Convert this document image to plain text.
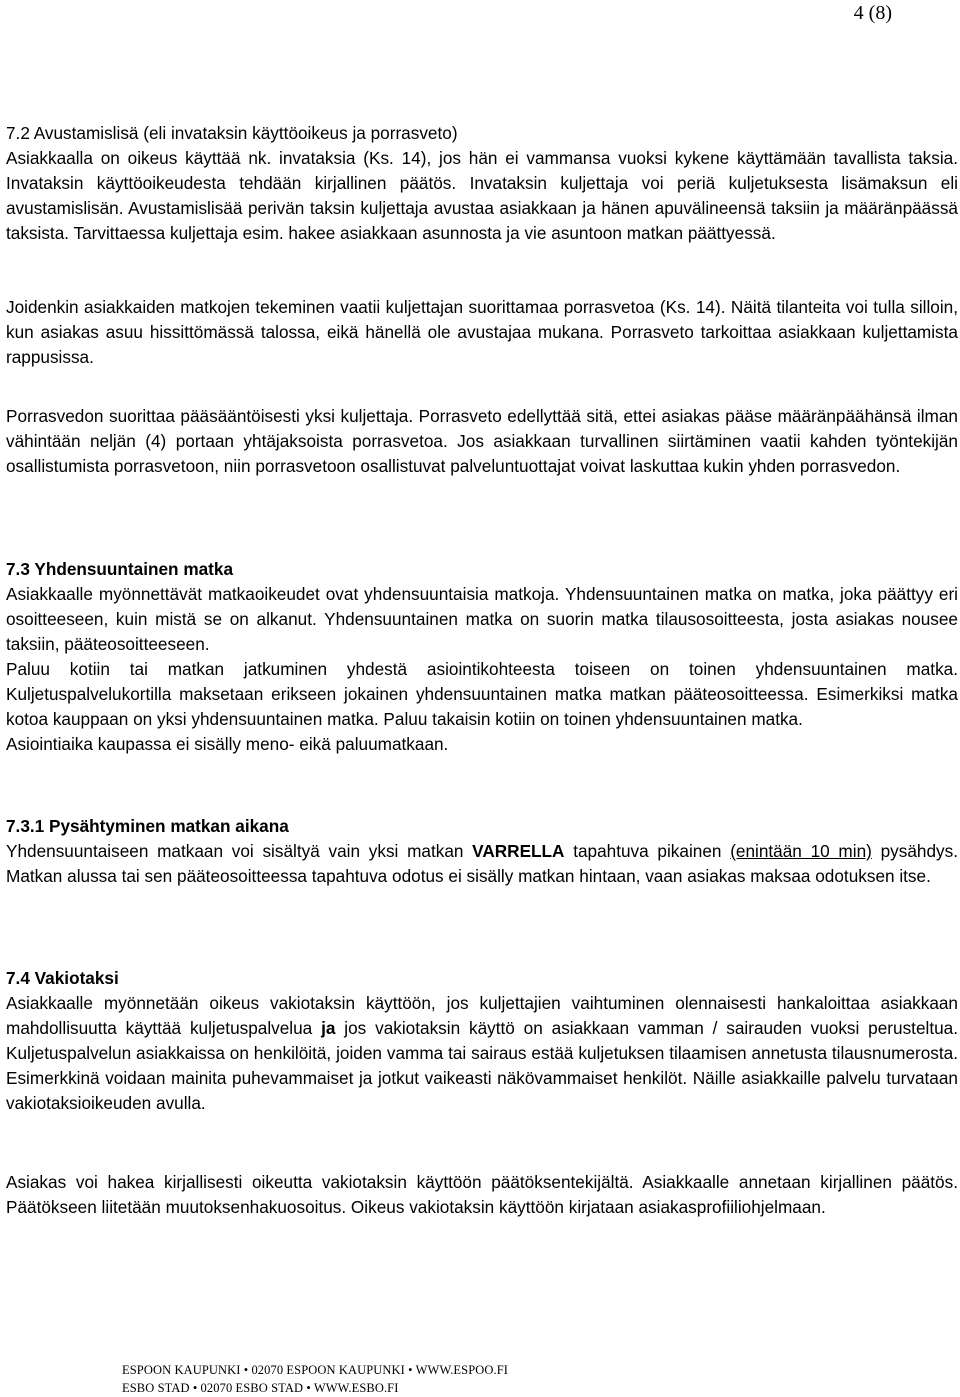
4 (8)
7.2 Avustamislisä (eli invataksin käyttöoikeus ja porrasveto)

Asiakkaalla on oikeus käyttää nk. invataksia (Ks. 14), jos hän ei vammansa vuoksi kykene käyttämään tavallista taksia. Invataksin käyttöoikeudesta tehdään kirjallinen päätös. Invataksin kuljettaja voi periä kuljetuksesta lisämaksun eli avustamislisän. Avustamislisää perivän taksin kuljettaja avustaa asiakkaan ja hänen apuvälineensä taksiin ja määränpäässä taksista. Tarvittaessa kuljettaja esim. hakee asiakkaan asunnosta ja vie asuntoon matkan päättyessä.

Joidenkin asiakkaiden matkojen tekeminen vaatii kuljettajan suorittamaa porrasvetoa (Ks. 14). Näitä tilanteita voi tulla silloin, kun asiakas asuu hissittömässä talossa, eikä hänellä ole avustajaa mukana. Porrasveto tarkoittaa asiakkaan kuljettamista rappusissa.

Porrasvedon suorittaa pääsääntöisesti yksi kuljettaja. Porrasveto edellyttää sitä, ettei asiakas pääse määränpäähänsä ilman vähintään neljän (4) portaan yhtäjaksoista porrasvetoa. Jos asiakkaan turvallinen siirtäminen vaatii kahden työntekijän osallistumista porrasvetoon, niin porrasvetoon osallistuvat palveluntuottajat voivat laskuttaa kukin yhden porrasvedon.

7.3 Yhdensuuntainen matka

Asiakkaalle myönnettävät matkaoikeudet ovat yhdensuuntaisia matkoja. Yhdensuuntainen matka on matka, joka päättyy eri osoitteeseen, kuin mistä se on alkanut. Yhdensuuntainen matka on suorin matka tilausosoitteesta, josta asiakas nousee taksiin, pääteosoitteeseen.

Paluu kotiin tai matkan jatkuminen yhdestä asiointikohteesta toiseen on toinen yhdensuuntainen matka. Kuljetuspalvelukortilla maksetaan erikseen jokainen yhdensuuntainen matka matkan pääteosoitteessa. Esimerkiksi matka kotoa kauppaan on yksi yhdensuuntainen matka. Paluu takaisin kotiin on toinen yhdensuuntainen matka.

Asiointiaika kaupassa ei sisälly meno- eikä paluumatkaan.

7.3.1 Pysähtyminen matkan aikana

Yhdensuuntaiseen matkaan voi sisältyä vain yksi matkan VARRELLA tapahtuva pikainen (enintään 10 min) pysähdys. Matkan alussa tai sen pääteosoitteessa tapahtuva odotus ei sisälly matkan hintaan, vaan asiakas maksaa odotuksen itse.

7.4 Vakiotaksi

Asiakkaalle myönnetään oikeus vakiotaksin käyttöön, jos kuljettajien vaihtuminen olennaisesti hankaloittaa asiakkaan mahdollisuutta käyttää kuljetuspalvelua ja jos vakiotaksin käyttö on asiakkaan vamman / sairauden vuoksi perusteltua. Kuljetuspalvelun asiakkaissa on henkilöitä, joiden vamma tai sairaus estää kuljetuksen tilaamisen annetusta tilausnumerosta. Esimerkkinä voidaan mainita puhevammaiset ja jotkut vaikeasti näkövammaiset henkilöt. Näille asiakkaille palvelu turvataan vakiotaksioikeuden avulla.

Asiakas voi hakea kirjallisesti oikeutta vakiotaksin käyttöön päätöksentekijältä. Asiakkaalle annetaan kirjallinen päätös. Päätökseen liitetään muutoksenhakuosoitus. Oikeus vakiotaksin käyttöön kirjataan asiakasprofiiliohjelmaan.

ESPOON KAUPUNKI • 02070 ESPOON KAUPUNKI • WWW.ESPOO.FI
ESBO STAD • 02070 ESBO STAD • WWW.ESBO.FI
